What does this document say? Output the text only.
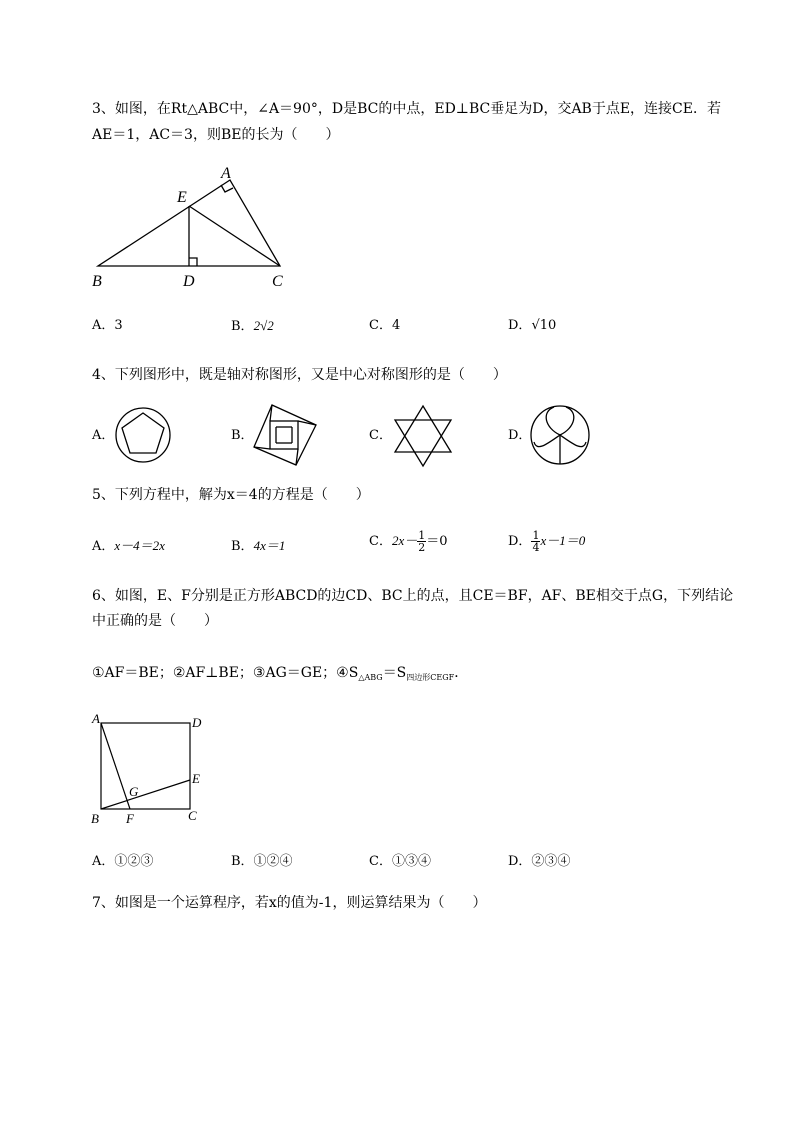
3、如图，在Rt△ABC中，∠A＝90°，D是BC的中点，ED⊥BC垂足为D，交AB于点E，连接CE．若
AE＝1，AC＝3，则BE的长为（　　）
A
E
B	D	C
A．3	B．2√2	C．4	D．√10
4、下列图形中，既是轴对称图形，又是中心对称图形的是（　　）
A．	B．	C．	D．
5、下列方程中，解为x＝4的方程是（　　）
A．x－4＝2x	B．4x＝1	C．$2x- \frac{1}{2} =0$	D． $\frac{1}{4} x-1=0$
6、如图，E、F分别是正方形ABCD的边CD、BC上的点，且CE＝BF，AF、BE相交于点G，下列结论
中正确的是（　　）
①AF＝BE；②AF⊥BE；③AG＝GE；$④S_{\triangle ABG}=S_{四边形CEGF}$．
A	D
E
G
B F	C
A．①②③	B．①②④	C．①③④	D．②③④
7、如图是一个运算程序，若x的值为-1，则运算结果为（　　）
